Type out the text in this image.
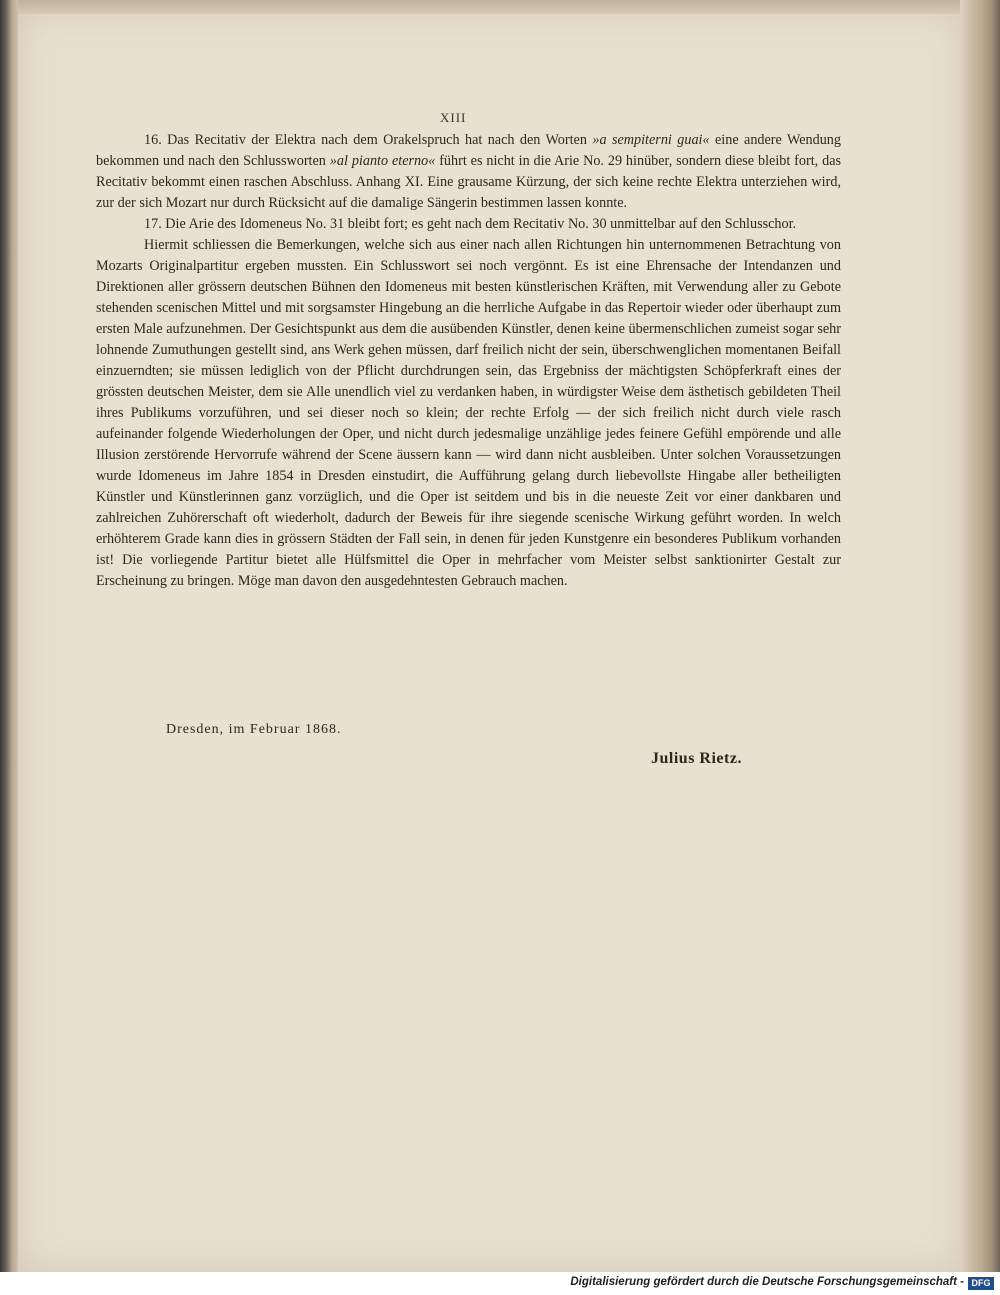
XIII

16. Das Recitativ der Elektra nach dem Orakelspruch hat nach den Worten »a sempiterni guai« eine andere Wendung bekommen und nach den Schlussworten »al pianto eterno« führt es nicht in die Arie No. 29 hinüber, sondern diese bleibt fort, das Recitativ bekommt einen raschen Abschluss. Anhang XI. Eine grausame Kürzung, der sich keine rechte Elektra unterziehen wird, zur der sich Mozart nur durch Rücksicht auf die damalige Sängerin bestimmen lassen konnte.

17. Die Arie des Idomeneus No. 31 bleibt fort; es geht nach dem Recitativ No. 30 unmittelbar auf den Schlusschor.

Hiermit schliessen die Bemerkungen, welche sich aus einer nach allen Richtungen hin unternommenen Betrachtung von Mozarts Originalpartitur ergeben mussten. Ein Schlusswort sei noch vergönnt. Es ist eine Ehrensache der Intendanzen und Direktionen aller grössern deutschen Bühnen den Idomeneus mit besten künstlerischen Kräften, mit Verwendung aller zu Gebote stehenden scenischen Mittel und mit sorgsamster Hingebung an die herrliche Aufgabe in das Repertoir wieder oder überhaupt zum ersten Male aufzunehmen. Der Gesichtspunkt aus dem die ausübenden Künstler, denen keine übermenschlichen zumeist sogar sehr lohnende Zumuthungen gestellt sind, ans Werk gehen müssen, darf freilich nicht der sein, überschwenglichen momentanen Beifall einzuerndten; sie müssen lediglich von der Pflicht durchdrungen sein, das Ergebniss der mächtigsten Schöpferkraft eines der grössten deutschen Meister, dem sie Alle unendlich viel zu verdanken haben, in würdigster Weise dem ästhetisch gebildeten Theil ihres Publikums vorzuführen, und sei dieser noch so klein; der rechte Erfolg — der sich freilich nicht durch viele rasch aufeinander folgende Wiederholungen der Oper, und nicht durch jedesmalige unzählige jedes feinere Gefühl empörende und alle Illusion zerstörende Hervorrufe während der Scene äussern kann — wird dann nicht ausbleiben. Unter solchen Voraussetzungen wurde Idomeneus im Jahre 1854 in Dresden einstudirt, die Aufführung gelang durch liebevollste Hingabe aller betheiligten Künstler und Künstlerinnen ganz vorzüglich, und die Oper ist seitdem und bis in die neueste Zeit vor einer dankbaren und zahlreichen Zuhörerschaft oft wiederholt, dadurch der Beweis für ihre siegende scenische Wirkung geführt worden. In welch erhöhterem Grade kann dies in grössern Städten der Fall sein, in denen für jeden Kunstgenre ein besonderes Publikum vorhanden ist! Die vorliegende Partitur bietet alle Hülfsmittel die Oper in mehrfacher vom Meister selbst sanktionirter Gestalt zur Erscheinung zu bringen. Möge man davon den ausgedehntesten Gebrauch machen.

Dresden, im Februar 1868.
Julius Rietz.
Digitalisierung gefördert durch die Deutsche Forschungsgemeinschaft - DFG
